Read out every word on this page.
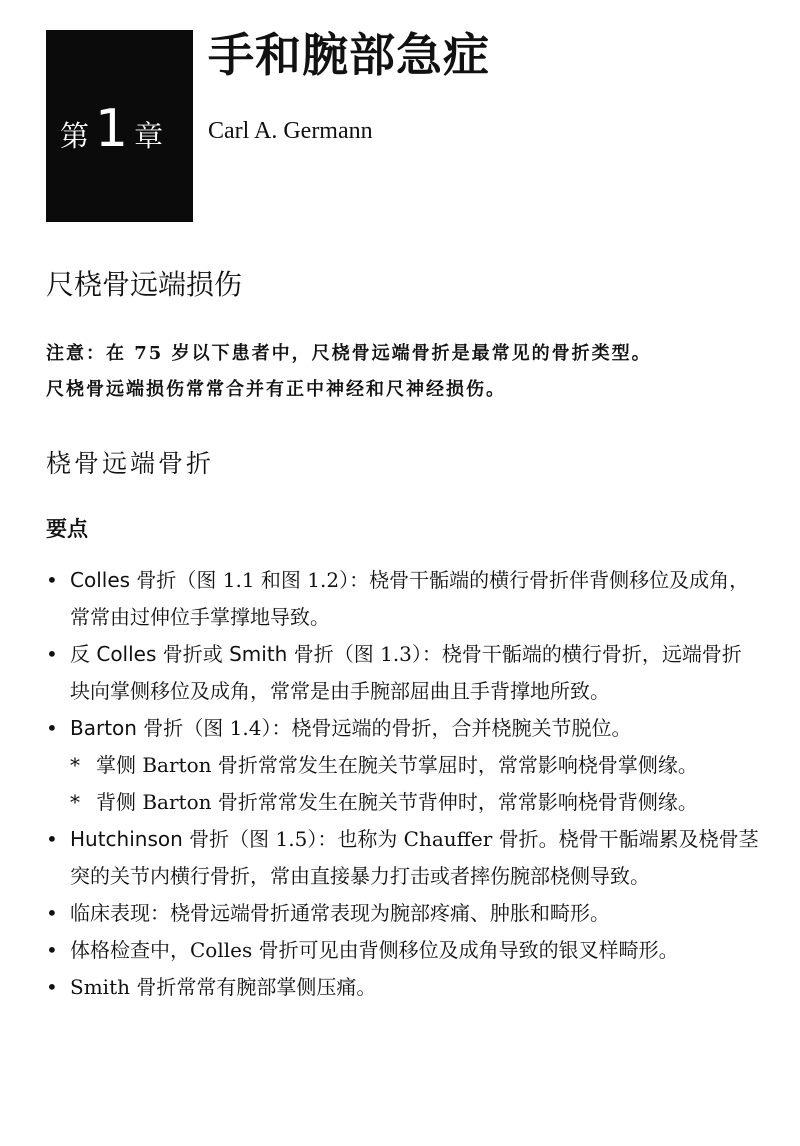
第 1 章
手和腕部急症
Carl A. Germann
尺桡骨远端损伤

注意：在 75 岁以下患者中，尺桡骨远端骨折是最常见的骨折类型。

尺桡骨远端损伤常常合并有正中神经和尺神经损伤。

桡骨远端骨折
要点
• Colles 骨折（图 1.1 和图 1.2）：桡骨干骺端的横行骨折伴背侧移位及成角，常常由过伸位手掌撑地导致。
• 反 Colles 骨折或 Smith 骨折（图 1.3）：桡骨干骺端的横行骨折，远端骨折块向掌侧移位及成角，常常是由手腕部屈曲且手背撑地所致。
• Barton 骨折（图 1.4）：桡骨远端的骨折，合并桡腕关节脱位。
* 掌侧 Barton 骨折常常发生在腕关节掌屈时，常常影响桡骨掌侧缘。
* 背侧 Barton 骨折常常发生在腕关节背伸时，常常影响桡骨背侧缘。
• Hutchinson 骨折（图 1.5）：也称为 Chauffer 骨折。桡骨干骺端累及桡骨茎突的关节内横行骨折，常由直接暴力打击或者摔伤腕部桡侧导致。
• 临床表现：桡骨远端骨折通常表现为腕部疼痛、肿胀和畸形。
• 体格检查中，Colles 骨折可见由背侧移位及成角导致的银叉样畸形。
• Smith 骨折常常有腕部掌侧压痛。
